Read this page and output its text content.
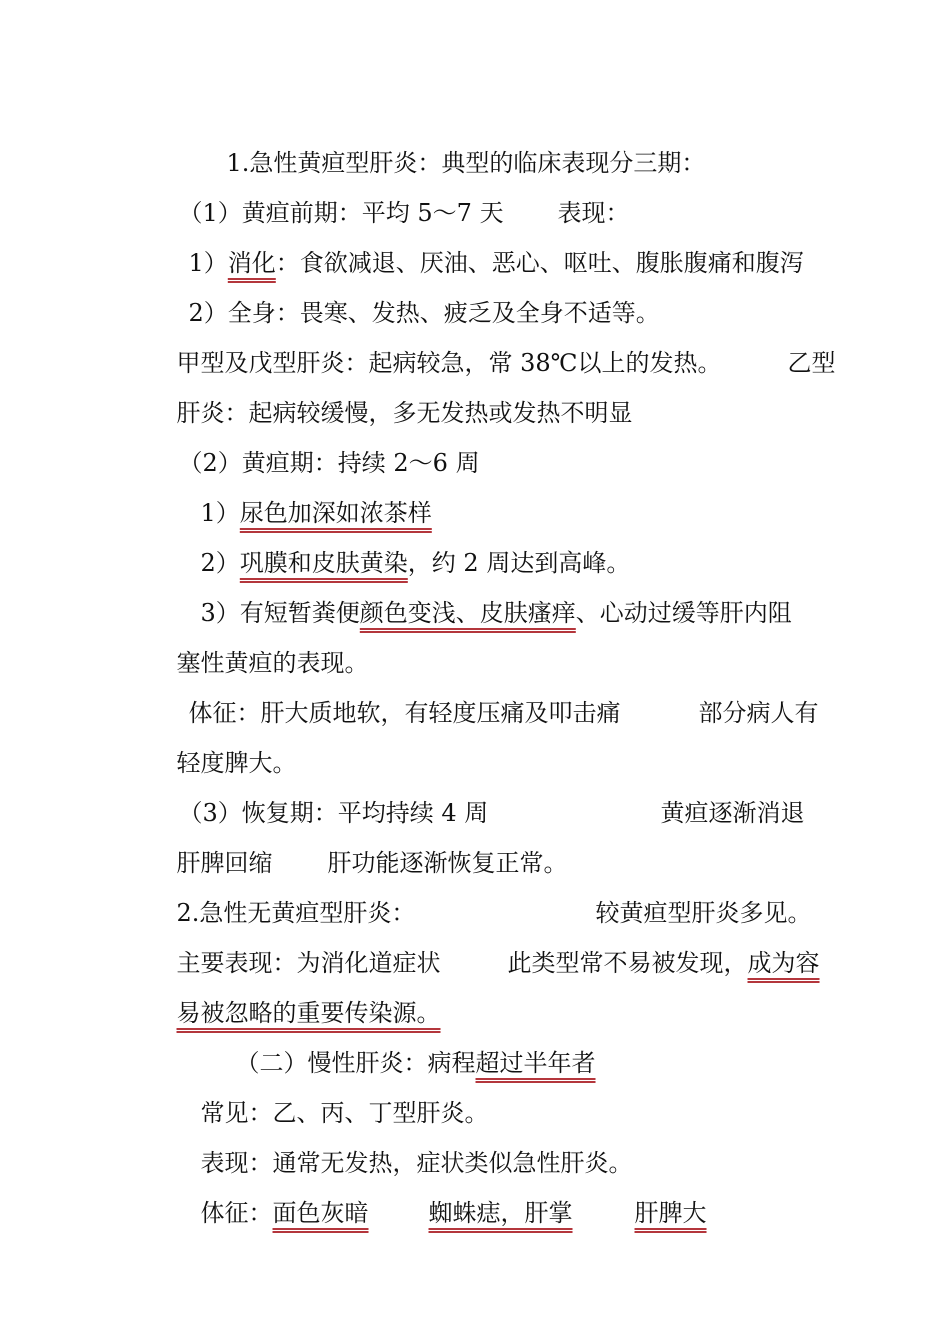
1.急性黄疸型肝炎：典型的临床表现分三期：

（1）黄疸前期：平均 5～7 天
	表现：

1）消化：食欲减退、厌油、恶心、呕吐、腹胀腹痛和腹泻

2）全身：畏寒、发热、疲乏及全身不适等。

甲型及戊型肝炎：起病较急，常 38℃以上的发热。
	乙型

肝炎：起病较缓慢，多无发热或发热不明显

（2）黄疸期：持续 2～6 周

1）尿色加深如浓茶样

2）巩膜和皮肤黄染，约 2 周达到高峰。

3）有短暂粪便颜色变浅、皮肤瘙痒、心动过缓等肝内阻

塞性黄疸的表现。

体征：肝大质地软，有轻度压痛及叩击痛
	部分病人有

轻度脾大。

（3）恢复期：平均持续 4 周
	黄疸逐渐消退

肝脾回缩
	肝功能逐渐恢复正常。

2.急性无黄疸型肝炎：
	较黄疸型肝炎多见。

主要表现：为消化道症状
	此类型常不易被发现，成为容

易被忽略的重要传染源。

（二）慢性肝炎：病程超过半年者

常见：乙、丙、丁型肝炎。

表现：通常无发热，症状类似急性肝炎。

体征：面色灰暗
	蜘蛛痣，肝掌
	肝脾大
